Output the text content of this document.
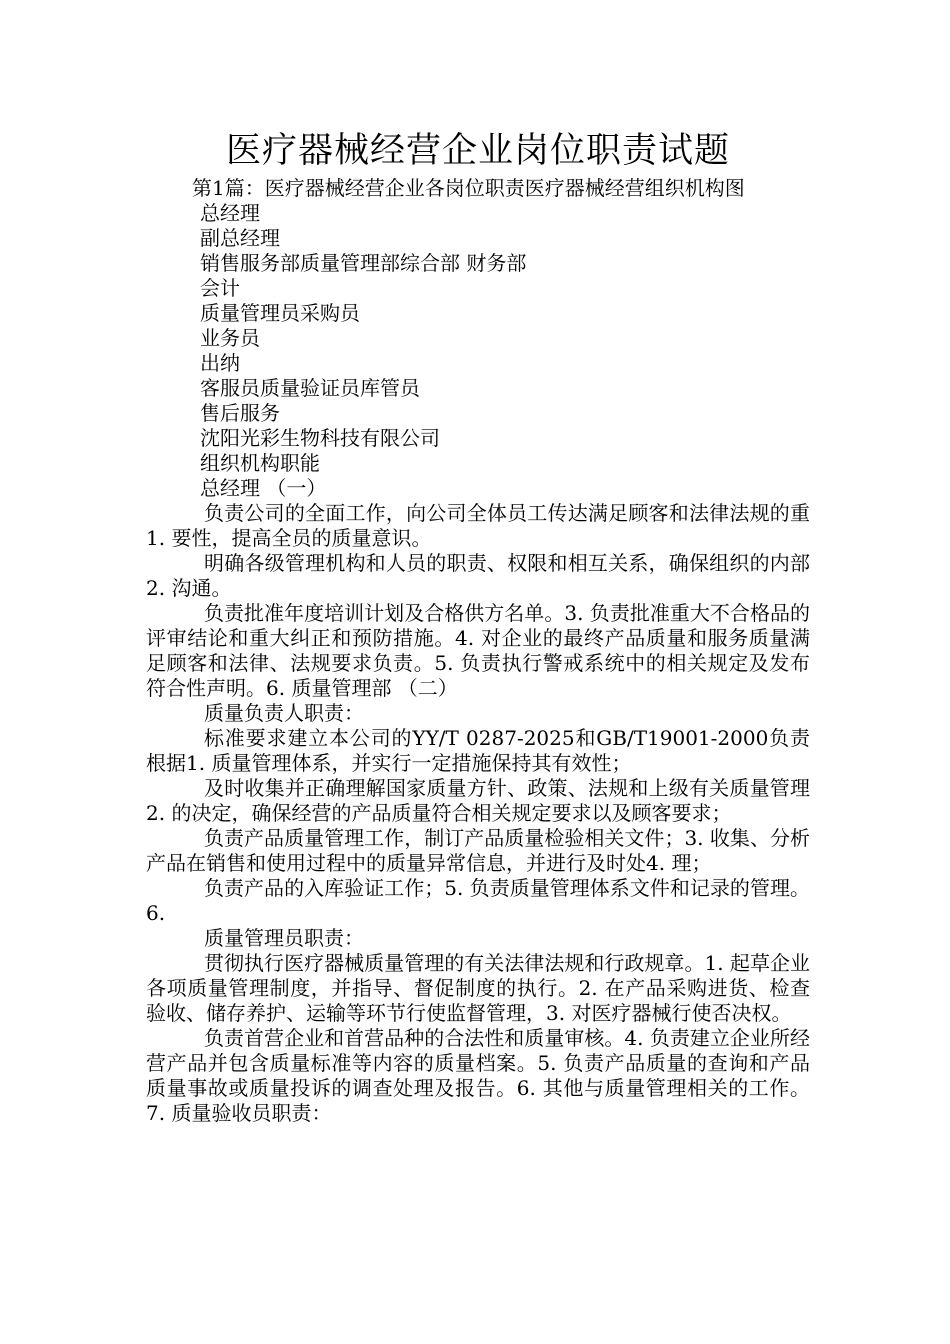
医疗器械经营企业岗位职责试题

第1篇：医疗器械经营企业各岗位职责医疗器械经营组织机构图

总经理

副总经理

销售服务部质量管理部综合部 财务部

会计

质量管理员采购员

业务员

出纳

客服员质量验证员库管员

售后服务

沈阳光彩生物科技有限公司

组织机构职能

总经理 （一）

负责公司的全面工作，向公司全体员工传达满足顾客和法律法规的重1. 要性，提高全员的质量意识。

明确各级管理机构和人员的职责、权限和相互关系，确保组织的内部2. 沟通。

负责批准年度培训计划及合格供方名单。3. 负责批准重大不合格品的评审结论和重大纠正和预防措施。4. 对企业的最终产品质量和服务质量满足顾客和法律、法规要求负责。5. 负责执行警戒系统中的相关规定及发布符合性声明。6. 质量管理部 （二）

质量负责人职责：

标准要求建立本公司的YY/T 0287-2025和GB/T19001-2000负责根据1. 质量管理体系，并实行一定措施保持其有效性；

及时收集并正确理解国家质量方针、政策、法规和上级有关质量管理2. 的决定，确保经营的产品质量符合相关规定要求以及顾客要求；

负责产品质量管理工作，制订产品质量检验相关文件；3. 收集、分析产品在销售和使用过程中的质量异常信息，并进行及时处4. 理；

负责产品的入库验证工作；5. 负责质量管理体系文件和记录的管理。6.

质量管理员职责：

贯彻执行医疗器械质量管理的有关法律法规和行政规章。1. 起草企业各项质量管理制度，并指导、督促制度的执行。2. 在产品采购进货、检查验收、储存养护、运输等环节行使监督管理，3. 对医疗器械行使否决权。

负责首营企业和首营品种的合法性和质量审核。4. 负责建立企业所经营产品并包含质量标准等内容的质量档案。5. 负责产品质量的查询和产品质量事故或质量投诉的调查处理及报告。6. 其他与质量管理相关的工作。7. 质量验收员职责：
